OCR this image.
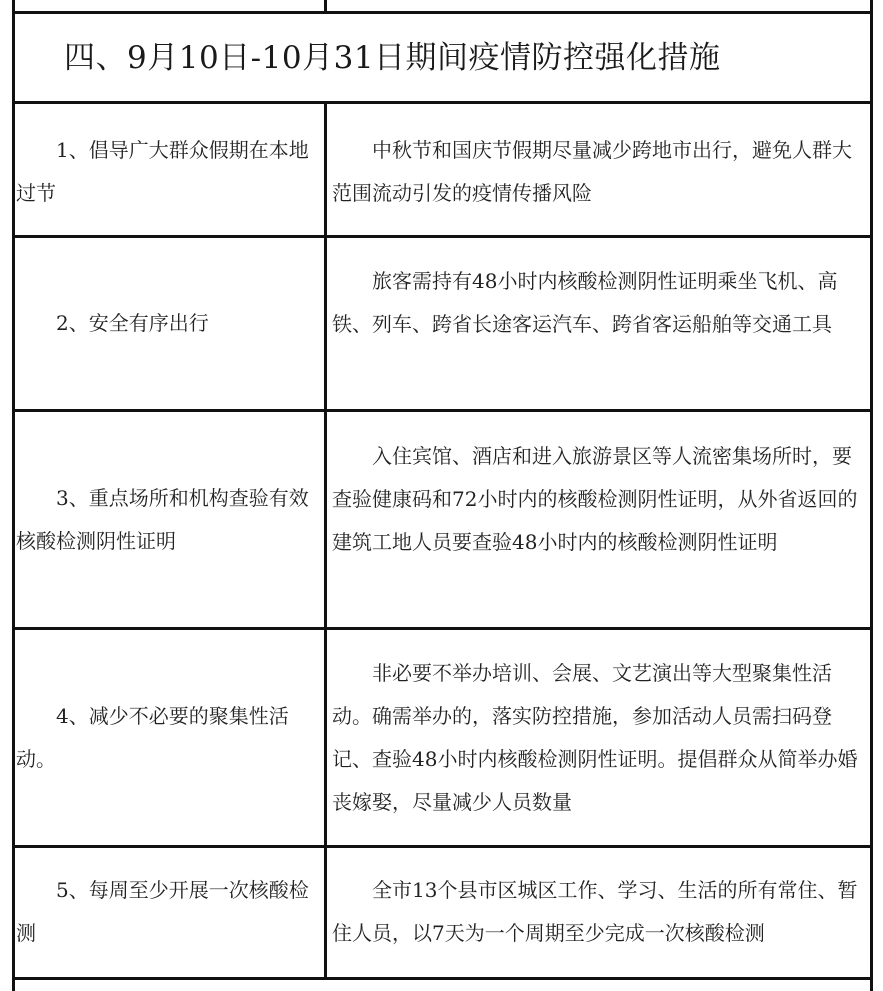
四、9月10日-10月31日期间疫情防控强化措施

1、倡导广大群众假期在本地过节

中秋节和国庆节假期尽量减少跨地市出行，避免人群大范围流动引发的疫情传播风险

2、安全有序出行

旅客需持有48小时内核酸检测阴性证明乘坐飞机、高铁、列车、跨省长途客运汽车、跨省客运船舶等交通工具

3、重点场所和机构查验有效核酸检测阴性证明

入住宾馆、酒店和进入旅游景区等人流密集场所时，要查验健康码和72小时内的核酸检测阴性证明，从外省返回的建筑工地人员要查验48小时内的核酸检测阴性证明

4、减少不必要的聚集性活动。

非必要不举办培训、会展、文艺演出等大型聚集性活动。确需举办的，落实防控措施，参加活动人员需扫码登记、查验48小时内核酸检测阴性证明。提倡群众从简举办婚丧嫁娶，尽量减少人员数量

5、每周至少开展一次核酸检测

全市13个县市区城区工作、学习、生活的所有常住、暂住人员，以7天为一个周期至少完成一次核酸检测
